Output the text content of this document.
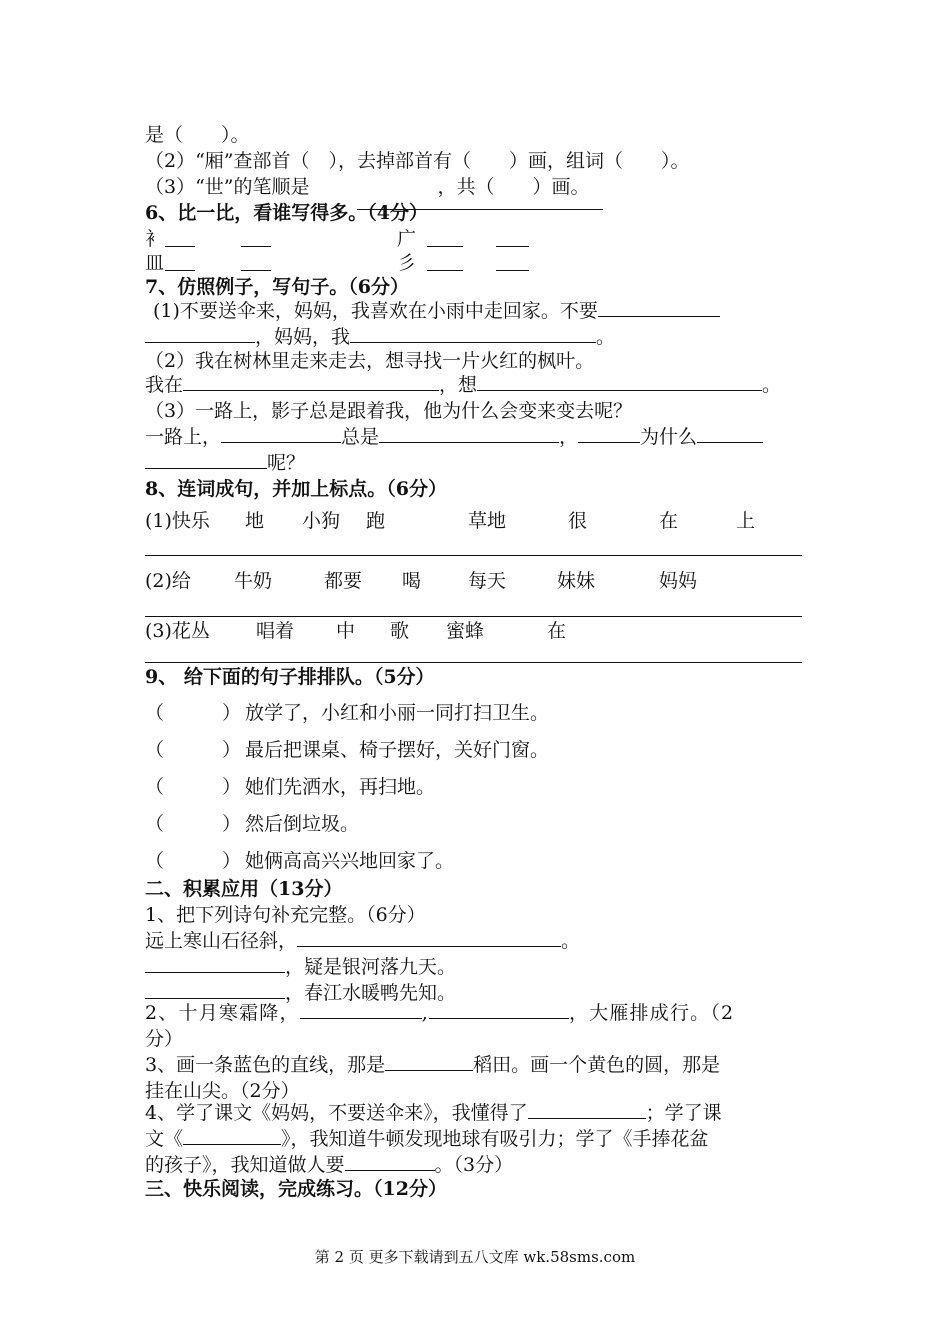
是（　　）。
（2）“厢”查部首（　），去掉部首有（　　）画，组词（　　）。
（3）“世”的笔顺是	，共（　　）画。
6、比一比，看谁写得多。（4分）
衤	广
皿	彡
7、仿照例子，写句子。（6分）
(1)不要送伞来，妈妈，我喜欢在小雨中走回家。不要
，妈妈，我	。
（2）我在树林里走来走去，想寻找一片火红的枫叶。
我在	，想	。
（3）一路上，影子总是跟着我，他为什么会变来变去呢？
一路上，	总是	，	为什么
呢？
8、连词成句，并加上标点。（6分）
(1)快乐 地 小狗 跑	草地	很	在	上
(2)给 牛奶	都要 喝 每天	妹妹	妈妈
(3)花丛 唱着 中 歌 蜜蜂	在
9、 给下面的句子排排队。（5分）
（	） 放学了，小红和小丽一同打扫卫生。
（	） 最后把课桌、椅子摆好，关好门窗。
（	） 她们先洒水，再扫地。
（	） 然后倒垃圾。
（	） 她俩高高兴兴地回家了。
二、积累应用（13分）
1、把下列诗句补充完整。（6分）
远上寒山石径斜，	。
，疑是银河落九天。
，春江水暖鸭先知。
2、十月寒霜降，	,	，大雁排成行。（2
分）
3、画一条蓝色的直线，那是	稻田。画一个黄色的圆，那是
挂在山尖。（2分）
4、学了课文《妈妈，不要送伞来》，我懂得了	；学了课
文《	》，我知道牛顿发现地球有吸引力；学了《手捧花盆
的孩子》，我知道做人要	。（3分）
三、快乐阅读，完成练习。（12分）
第 2 页 更多下载请到五八文库 wk.58sms.com
